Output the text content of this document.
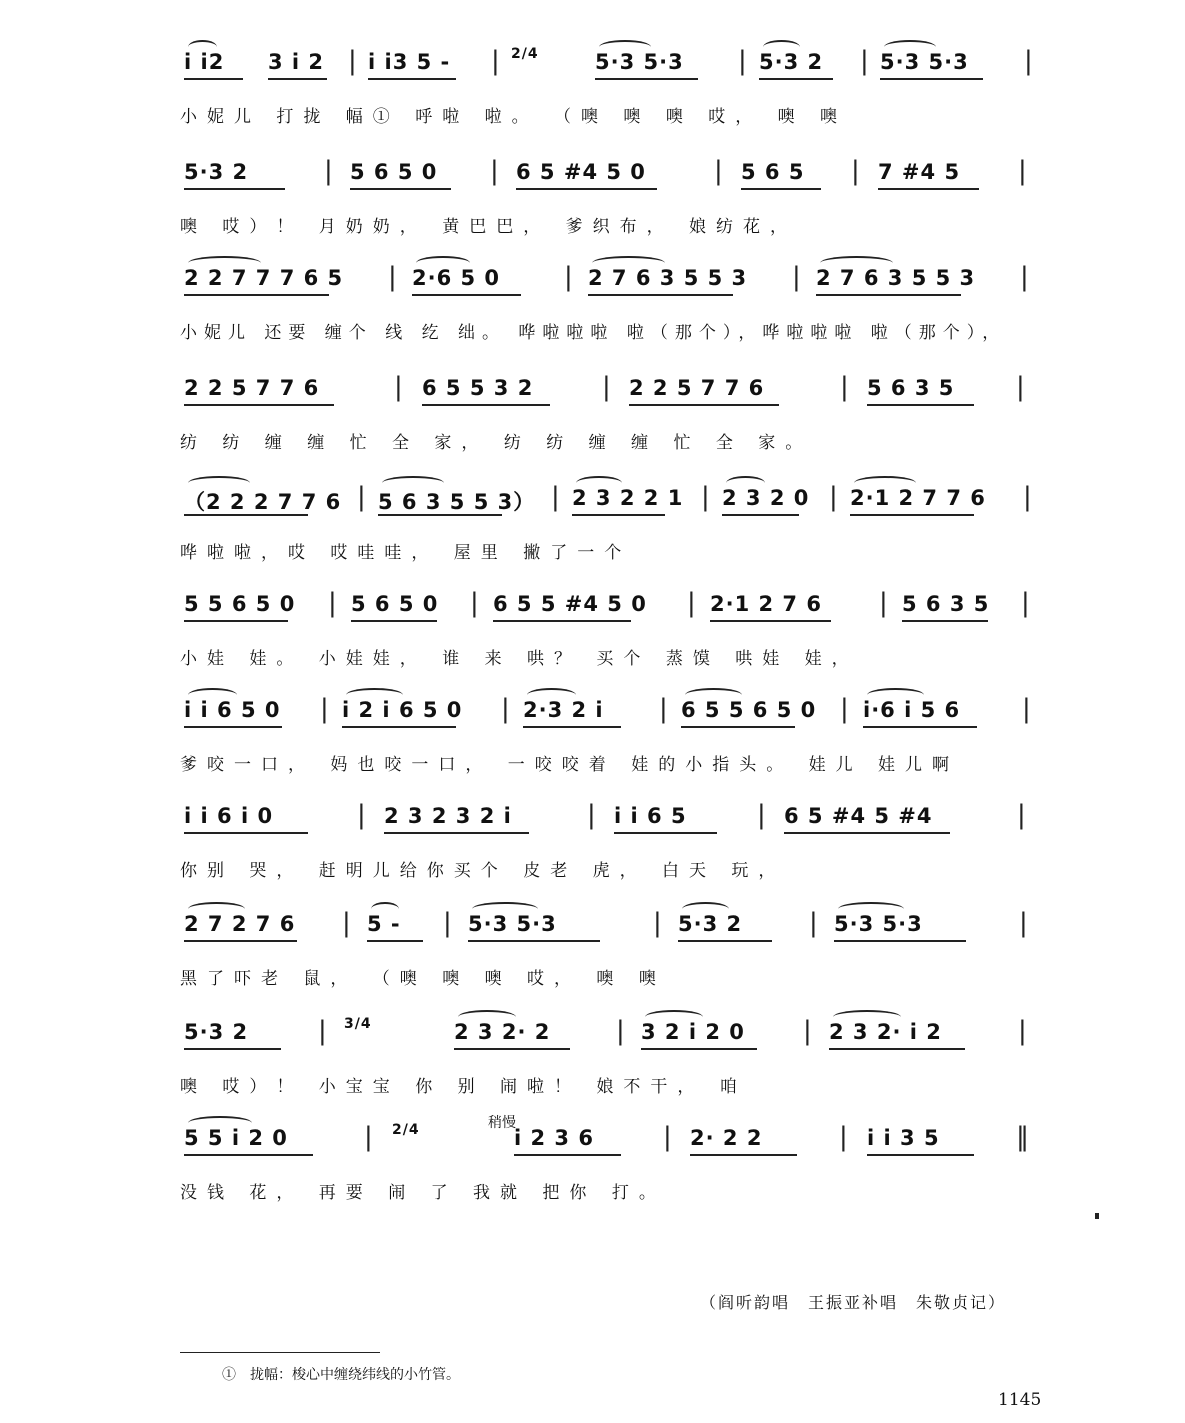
i i2 3 i 2 | i i3 5 - | 2/4	5·3 5·3 | 5·3 2 | 5·3 5·3 |
小妮儿 打拢 幅① 呼啦 啦。 （噢 噢 噢 哎， 噢 噢
5·3 2	| 5 6 5 0 | 6 5 #4 5 0	| 5 6 5 | 7 #4 5 |
噢 哎）！ 月奶奶， 黄巴巴， 爹织布， 娘纺花，
2 2 7 7 7 6 5 | 2·6 5 0 | 2 7 6 3 5 5 3 | 2 7 6 3 5 5 3 |
小妮儿 还要 缠个 线 纥 绌。 哗啦啦啦 啦（那个），哗啦啦啦 啦（那个），
2 2 5 7 7 6	| 6 5 5 3 2	| 2 2 5 7 7 6	| 5 6 3 5 |
纺 纺 缠 缠 忙 全 家， 纺 纺 缠 缠 忙 全 家。
（2 2 2 7 7 6 | 5 6 3 5 5 3） | 2 3 2 2 1 | 2 3 2 0 | 2·1 2 7 7 6 |
哗啦啦，哎 哎哇哇， 屋里 撇了一个
5 5 6 5 0 | 5 6 5 0 | 6 5 5 #4 5 0 | 2·1 2 7 6 | 5 6 3 5 |
小娃 娃。 小娃娃， 谁 来 哄？ 买个 蒸馍 哄娃 娃，
i i 6 5 0 | i 2 i 6 5 0 | 2·3 2 i | 6 5 5 6 5 0 | i·6 i 5 6 |
爹咬一口， 妈也咬一口， 一咬咬着 娃的小指头。 娃儿 娃儿啊
i i 6 i 0	| 2 3 2 3 2 i	| i i 6 5	| 6 5 #4 5 #4	|
你别 哭， 赶明儿给你买个 皮老 虎， 白天 玩，
2 7 2 7 6 | 5 - | 5·3 5·3	| 5·3 2	| 5·3 5·3	|
黑了吓老 鼠， （噢 噢 噢 哎， 噢 噢
5·3 2	| 3/4	2 3 2· 2	| 3 2 i 2 0 | 2 3 2· i 2	|
噢 哎）！ 小宝宝 你 别 闹啦！ 娘不干， 咱
5 5 i 2 0	| 2/4	i 2 3 6	| 2· 2 2	| i i 3 5	‖
没钱 花， 再要 闹 了 我就 把你 打。
稍慢
（阎听韵唱　王振亚补唱　朱敬贞记）
①　拢幅：梭心中缠绕纬线的小竹管。
1145
